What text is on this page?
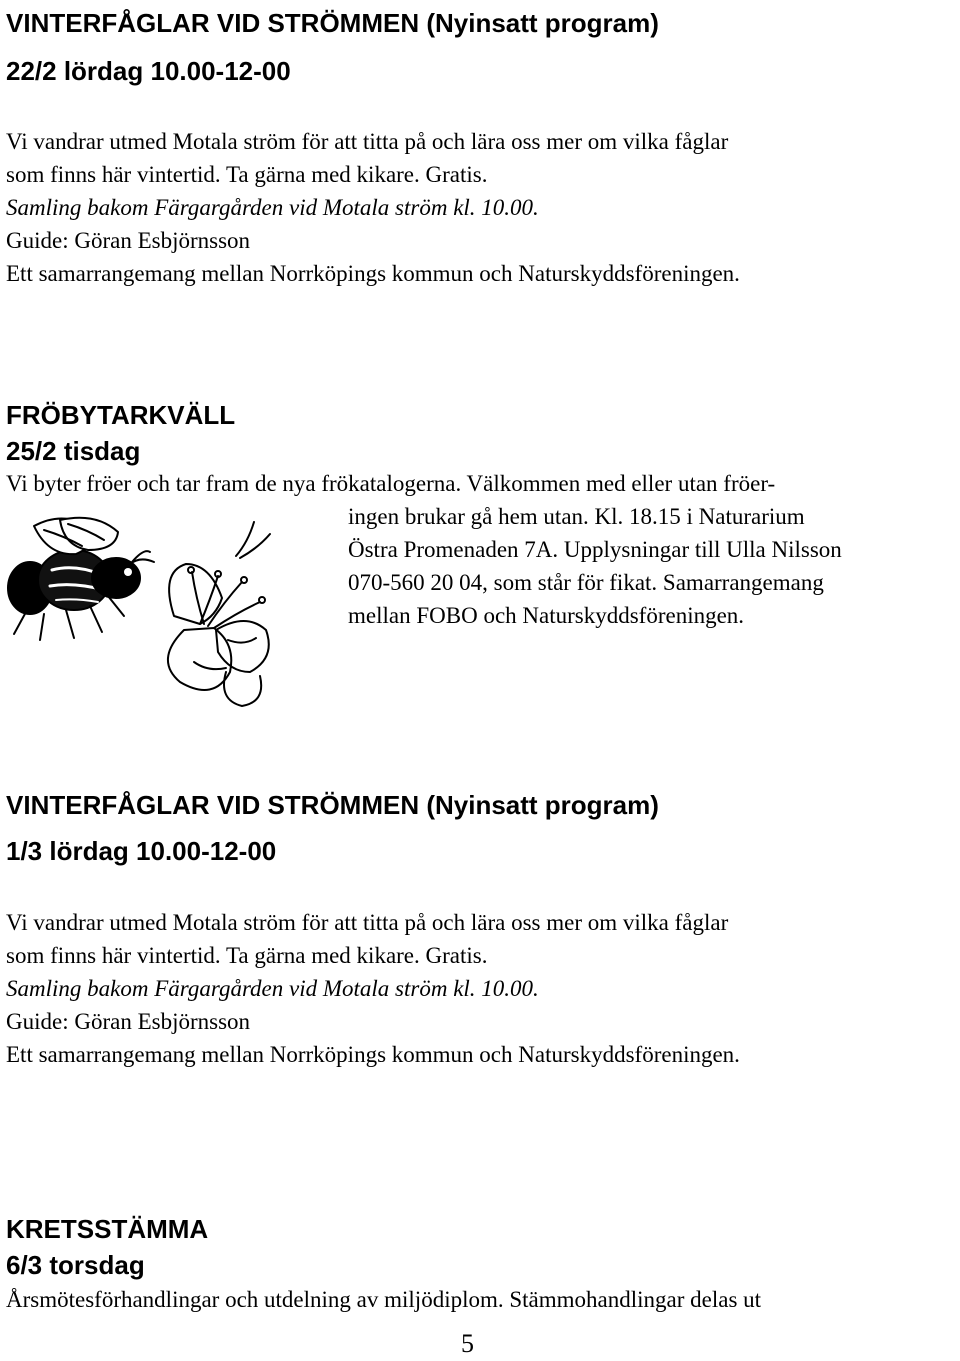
VINTERFÅGLAR VID STRÖMMEN (Nyinsatt program)
22/2 lördag 10.00-12-00
Vi vandrar utmed Motala ström för att titta på och lära oss mer om vilka fåglar
som finns här vintertid. Ta gärna med kikare. Gratis.
Samling bakom Färgargården vid Motala ström kl. 10.00.
Guide: Göran Esbjörnsson
Ett samarrangemang mellan Norrköpings kommun och Naturskyddsföreningen.
FRÖBYTARKVÄLL
25/2 tisdag
Vi byter fröer och tar fram de nya frökatalogerna. Välkommen med eller utan fröer-
ingen brukar gå hem utan. Kl. 18.15 i Naturarium
Östra Promenaden 7A. Upplysningar till Ulla Nilsson
070-560 20 04, som står för fikat. Samarrangemang
mellan FOBO och Naturskyddsföreningen.
VINTERFÅGLAR VID STRÖMMEN (Nyinsatt program)
1/3 lördag 10.00-12-00
Vi vandrar utmed Motala ström för att titta på och lära oss mer om vilka fåglar
som finns här vintertid. Ta gärna med kikare. Gratis.
Samling bakom Färgargården vid Motala ström kl. 10.00.
Guide: Göran Esbjörnsson
Ett samarrangemang mellan Norrköpings kommun och Naturskyddsföreningen.
KRETSSTÄMMA
6/3 torsdag
Årsmötesförhandlingar och utdelning av miljödiplom. Stämmohandlingar delas ut
5
